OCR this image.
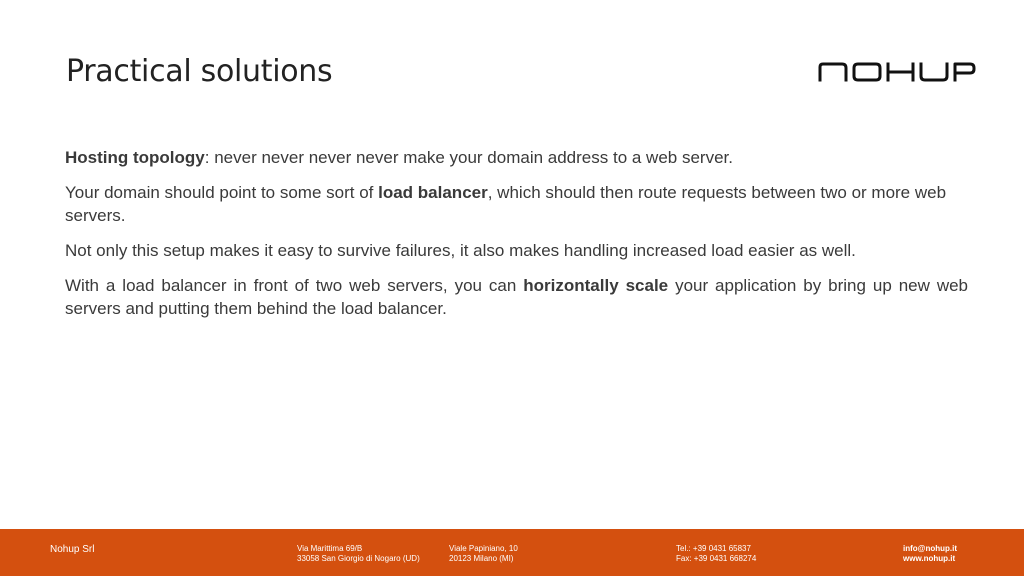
Practical solutions

Hosting topology: never never never never make your domain address to a web server.

Your domain should point to some sort of load balancer, which should then route requests between two or more web servers.

Not only this setup makes it easy to survive failures, it also makes handling increased load easier as well.

With a load balancer in front of two web servers, you can horizontally scale your application by bring up new web servers and putting them behind the load balancer.

Nohup Srl	Via Marittima 69/B
33058 San Giorgio di Nogaro (UD)
Viale Papiniano, 10
20123 Milano (MI)
Tel.: +39 0431 65837
Fax: +39 0431 668274
info@nohup.it
www.nohup.it
